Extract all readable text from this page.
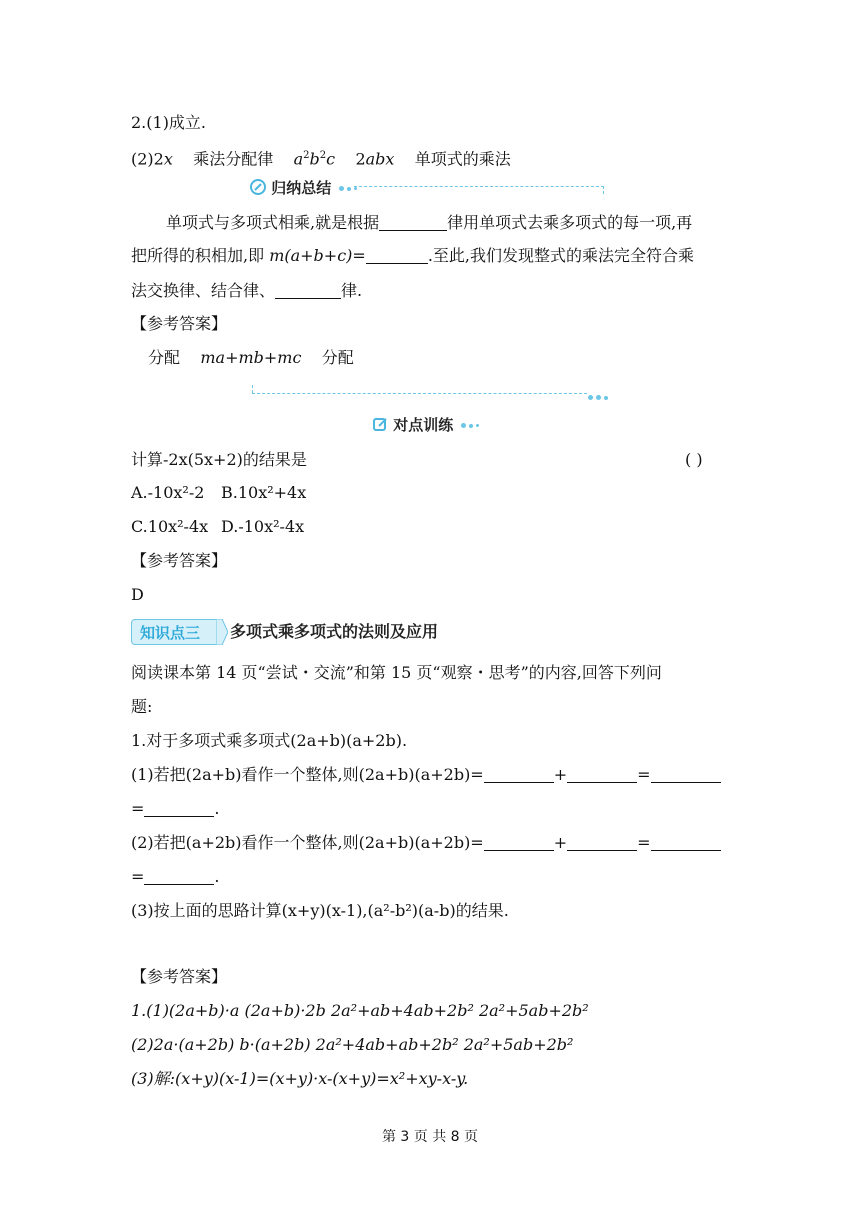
2.(1)成立.
(2)2x 乘法分配律 $a^2b^2c$ 2abx 单项式的乘法
归纳总结
单项式与多项式相乘,就是根据	律用单项式去乘多项式的每一项,再
把所得的积相加,即 m(a+b+c)=	.至此,我们发现整式的乘法完全符合乘
法交换律、结合律、	律.
【参考答案】
分配 ma+mb+mc 分配
对点训练
计算-2x(5x+2)的结果是	( )
A.-10x²-2 B.10x²+4x
C.10x²-4x D.-10x²-4x
【参考答案】
D
知识点三 多项式乘多项式的法则及应用
阅读课本第 14 页“尝试・交流”和第 15 页“观察・思考”的内容,回答下列问
题:
1.对于多项式乘多项式(2a+b)(a+2b).
(1)若把(2a+b)看作一个整体,则(2a+b)(a+2b)=	+	=
=	.
(2)若把(a+2b)看作一个整体,则(2a+b)(a+2b)=	+	=
=	.
(3)按上面的思路计算(x+y)(x-1),(a²-b²)(a-b)的结果.
【参考答案】
1.(1)(2a+b)·a (2a+b)·2b 2a²+ab+4ab+2b² 2a²+5ab+2b²
(2)2a·(a+2b) b·(a+2b) 2a²+4ab+ab+2b² 2a²+5ab+2b²
(3)解:(x+y)(x-1)=(x+y)·x-(x+y)=x²+xy-x-y.
第 3 页 共 8 页
